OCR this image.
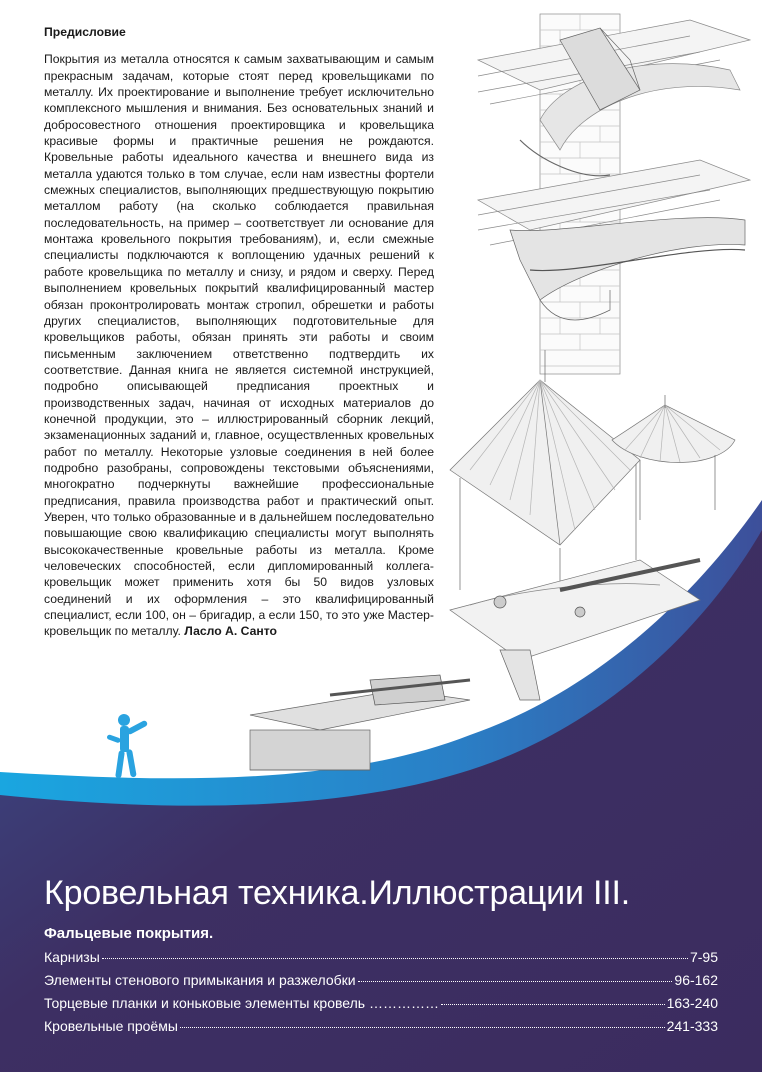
Предисловие

Покрытия из металла относятся к самым захватывающим и самым прекрасным задачам, которые стоят перед кровельщиками по металлу. Их проектирование и выполнение требует исключительно комплексного мышления и внимания. Без основательных знаний и добросовестного отношения проектировщика и кровельщика красивые формы и практичные решения не рождаются. Кровельные работы идеального качества и внешнего вида из металла удаются только в том случае, если нам известны фортели смежных специалистов, выполняющих предшествующую покрытию металлом работу (на сколько соблюдается правильная последовательность, на пример – соответствует ли основание для монтажа кровельного покрытия требованиям), и, если смежные специалисты подключаются к воплощению удачных решений к работе кровельщика по металлу и снизу, и рядом и сверху. Перед выполнением кровельных покрытий квалифицированный мастер обязан проконтролировать монтаж стропил, обрешетки и работы других специалистов, выполняющих подготовительные для кровельщиков работы, обязан принять эти работы и своим письменным заключением ответственно подтвердить их соответствие. Данная книга не является системной инструкцией, подробно описывающей предписания проектных и производственных задач, начиная от исходных материалов до конечной продукции, это – иллюстрированный сборник лекций, экзаменационных заданий и, главное, осуществленных кровельных работ по металлу. Некоторые узловые соединения в ней более подробно разобраны, сопровождены текстовыми объяснениями, многократно подчеркнуты важнейшие профессиональные предписания, правила производства работ и практический опыт. Уверен, что только образованные и в дальнейшем последовательно повышающие свою квалификацию специалисты могут выполнять высококачественные кровельные работы из металла. Кроме человеческих способностей, если дипломированный коллега-кровельщик может применить хотя бы 50 видов узловых соединений и их оформления – это квалифицированный специалист, если 100, он – бригадир, а если 150, то это уже Мастер-кровельщик по металлу. Ласло А. Санто

Кровельная техника.Иллюстрации III.
Фальцевые покрытия.
Карнизы	7-95
Элементы стенового примыкания и разжелобки	96-162
Торцевые планки и коньковые элементы кровель ……………	163-240
Кровельные проёмы	241-333
